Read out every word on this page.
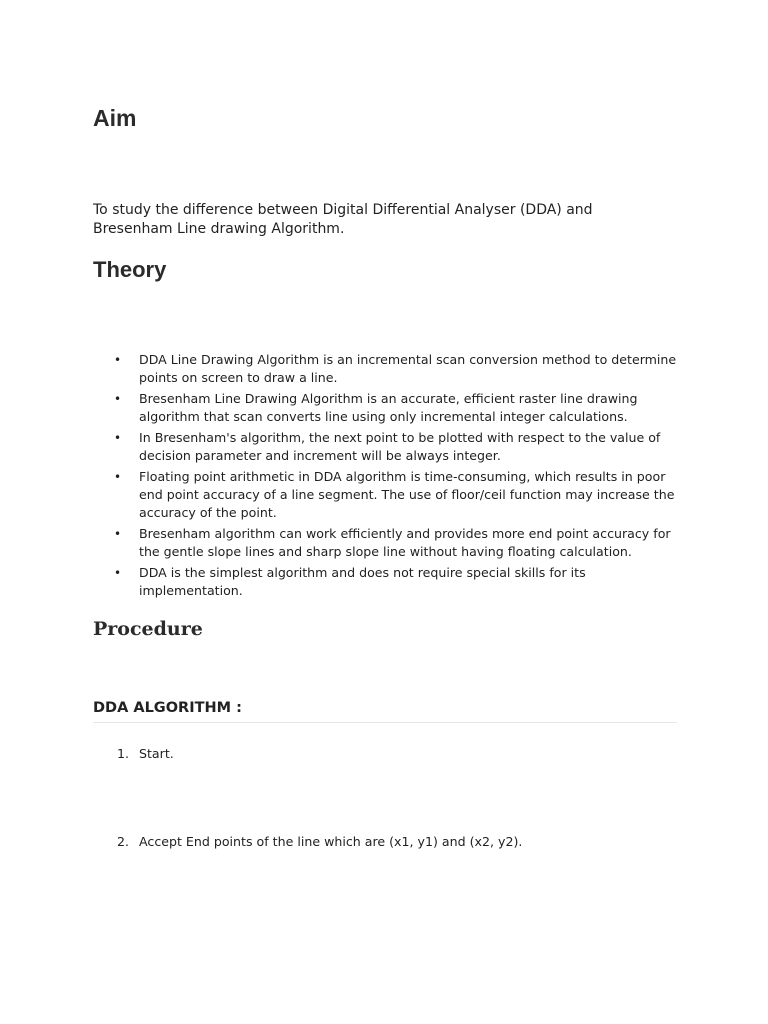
Aim

To study the difference between Digital Differential Analyser (DDA) and Bresenham Line drawing Algorithm.

Theory
• DDA Line Drawing Algorithm is an incremental scan conversion method to determine points on screen to draw a line.
• Bresenham Line Drawing Algorithm is an accurate, efficient raster line drawing algorithm that scan converts line using only incremental integer calculations.
• In Bresenham's algorithm, the next point to be plotted with respect to the value of decision parameter and increment will be always integer.
• Floating point arithmetic in DDA algorithm is time-consuming, which results in poor end point accuracy of a line segment. The use of floor/ceil function may increase the accuracy of the point.
• Bresenham algorithm can work efficiently and provides more end point accuracy for the gentle slope lines and sharp slope line without having floating calculation.
• DDA is the simplest algorithm and does not require special skills for its implementation.
Procedure
DDA ALGORITHM :
1. Start.
2. Accept End points of the line which are (x1, y1) and (x2, y2).
